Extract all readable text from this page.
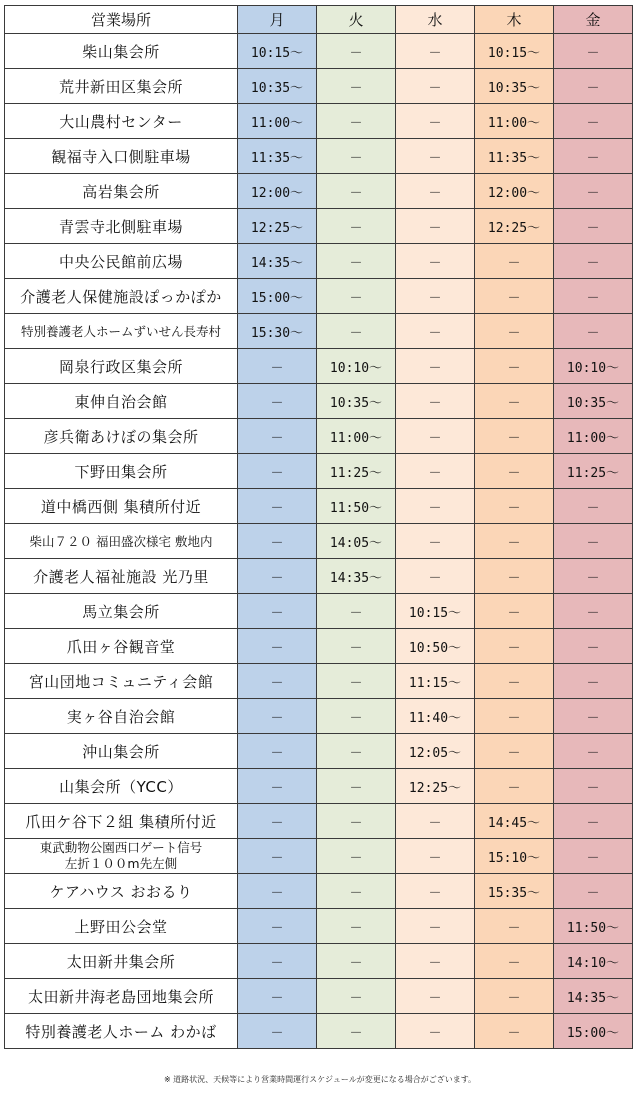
営業場所	月	火	水	木	金
柴山集会所	10:15～	－	－	10:15～	－
荒井新田区集会所	10:35～	－	－	10:35～	－
大山農村センター	11:00～	－	－	11:00～	－
観福寺入口側駐車場	11:35～	－	－	11:35～	－
高岩集会所	12:00～	－	－	12:00～	－
青雲寺北側駐車場	12:25～	－	－	12:25～	－
中央公民館前広場	14:35～	－	－	－	－
介護老人保健施設ぽっかぽか	15:00～	－	－	－	－
特別養護老人ホームずいせん長寿村	15:30～	－	－	－	－
岡泉行政区集会所	－	10:10～	－	－	10:10～
東伸自治会館	－	10:35～	－	－	10:35～
彦兵衛あけぼの集会所	－	11:00～	－	－	11:00～
下野田集会所	－	11:25～	－	－	11:25～
道中橋西側 集積所付近	－	11:50～	－	－	－
柴山７２０ 福田盛次様宅 敷地内	－	14:05～	－	－	－
介護老人福祉施設 光乃里	－	14:35～	－	－	－
馬立集会所	－	－	10:15～	－	－
爪田ヶ谷観音堂	－	－	10:50～	－	－
宮山団地コミュニティ会館	－	－	11:15～	－	－
実ヶ谷自治会館	－	－	11:40～	－	－
沖山集会所	－	－	12:05～	－	－
山集会所（YCC）	－	－	12:25～	－	－
爪田ケ谷下２組 集積所付近	－	－	－	14:45～	－

東武動物公園西口ゲート信号
左折１００m先左側	－	－	－	15:10～	－
ケアハウス おおるり	－	－	－	15:35～	－
上野田公会堂	－	－	－	－	11:50～
太田新井集会所	－	－	－	－	14:10～
太田新井海老島団地集会所	－	－	－	－	14:35～
特別養護老人ホーム わかば	－	－	－	－	15:00～
※ 道路状況、天候等により営業時間運行スケジュールが変更になる場合がございます。
